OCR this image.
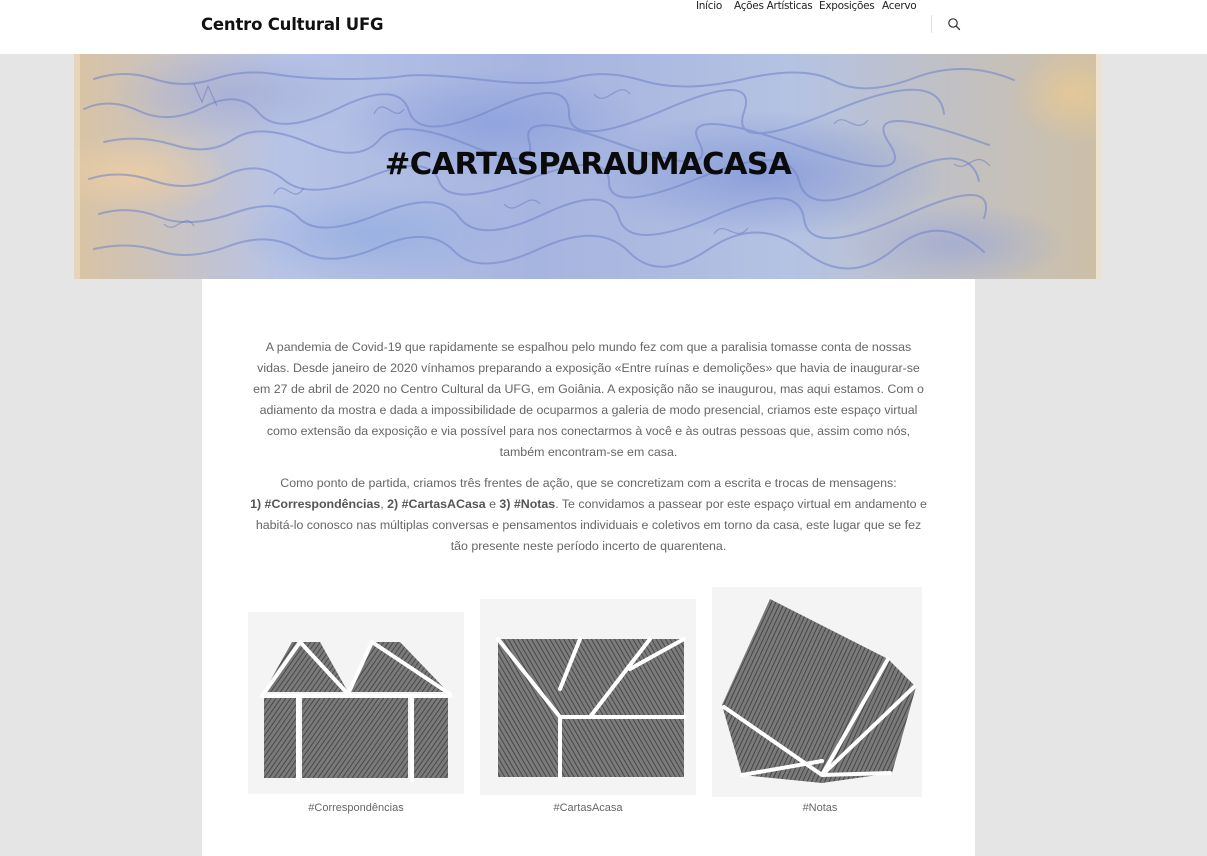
Centro Cultural UFG
Início Ações Artísticas Exposições Acervo
#CARTASPARAUMACASA

A pandemia de Covid-19 que rapidamente se espalhou pelo mundo fez com que a paralisia tomasse conta de nossas vidas. Desde janeiro de 2020 vínhamos preparando a exposição «Entre ruínas e demolições» que havia de inaugurar-se em 27 de abril de 2020 no Centro Cultural da UFG, em Goiânia. A exposição não se inaugurou, mas aqui estamos. Com o adiamento da mostra e dada a impossibilidade de ocuparmos a galeria de modo presencial, criamos este espaço virtual como extensão da exposição e via possível para nos conectarmos à você e às outras pessoas que, assim como nós, também encontram-se em casa.

Como ponto de partida, criamos três frentes de ação, que se concretizam com a escrita e trocas de mensagens:
1) #Correspondências, 2) #CartasACasa e 3) #Notas. Te convidamos a passear por este espaço virtual em andamento e habitá-lo conosco nas múltiplas conversas e pensamentos individuais e coletivos em torno da casa, este lugar que se fez tão presente neste período incerto de quarentena.

#Correspondências	#CartasAcasa	#Notas
